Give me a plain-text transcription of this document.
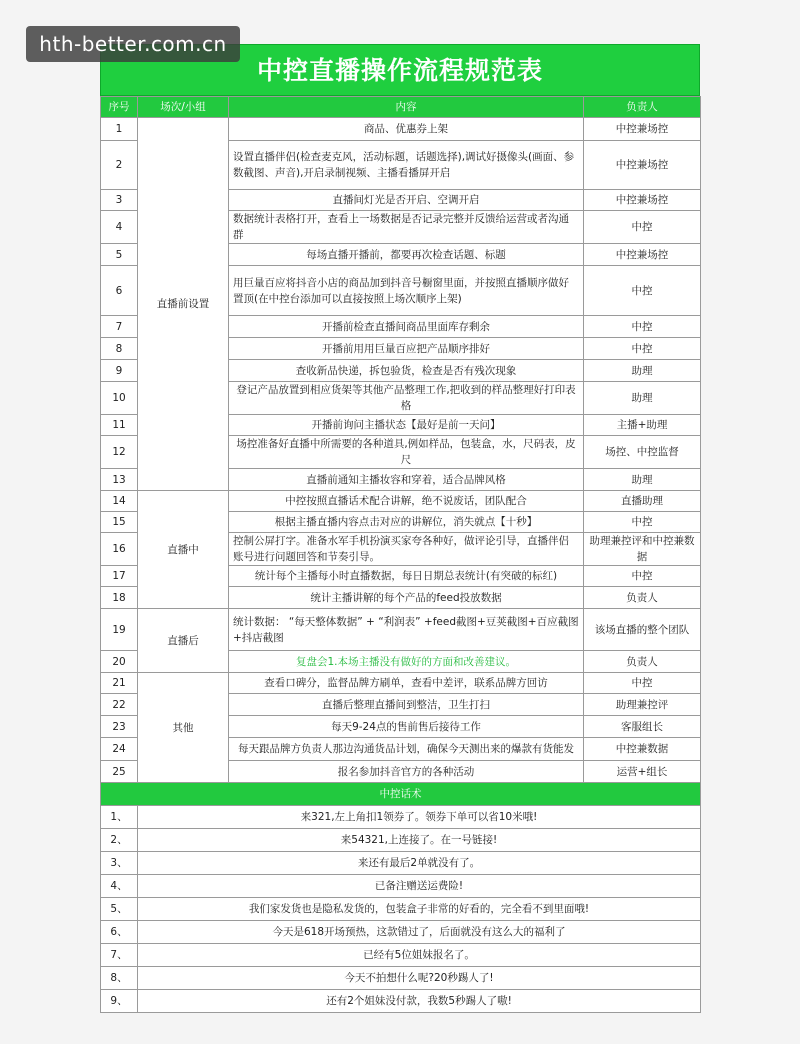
hth-better.com.cn
中控直播操作流程规范表
序号	场次/小组	内容	负责人
1	直播前设置	商品、优惠券上架	中控兼场控
2		设置直播伴侣(检查麦克风，活动标题，话题选择),调试好摄像头(画面、参数截图、声音),开启录制视频、主播看播屏开启	中控兼场控
3		直播间灯光是否开启、空调开启	中控兼场控
4		数据统计表格打开，查看上一场数据是否记录完整并反馈给运营或者沟通群	中控
5		每场直播开播前，都要再次检查话题、标题	中控兼场控
6		用巨量百应将抖音小店的商品加到抖音号橱窗里面，并按照直播顺序做好置顶(在中控台添加可以直接按照上场次顺序上架)	中控
7		开播前检查直播间商品里面库存剩余	中控
8		开播前用用巨量百应把产品顺序排好	中控
9		查收新品快递，拆包验货，检查是否有残次现象	助理
10		登记产品放置到相应货架等其他产品整理工作,把收到的样品整理好打印表格	助理
11		开播前询问主播状态【最好是前一天问】	主播+助理
12		场控准备好直播中所需要的各种道具,例如样品，包装盒，水，尺码表，皮尺	场控、中控监督
13		直播前通知主播妆容和穿着，适合品牌风格	助理
14	直播中	中控按照直播话术配合讲解，绝不说废话，团队配合	直播助理
15		根据主播直播内容点击对应的讲解位，消失就点【十秒】	中控
16		控制公屏打字。准备水军手机扮演买家夸各种好，做评论引导，直播伴侣账号进行问题回答和节奏引导。	助理兼控评和中控兼数据
17		统计每个主播每小时直播数据，每日日期总表统计(有突破的标红)	中控
18		统计主播讲解的每个产品的feed投放数据	负责人
19	直播后	统计数据： “每天整体数据” + “利润表” +feed截图+豆荚截图+百应截图+抖店截图	该场直播的整个团队
20		复盘会1.本场主播没有做好的方面和改善建议。	负责人
21	其他	查看口碑分，监督品牌方刷单，查看中差评，联系品牌方回访	中控
22		直播后整理直播间到整洁，卫生打扫	助理兼控评
23		每天9-24点的售前售后接待工作	客服组长
24		每天跟品牌方负责人那边沟通货品计划，确保今天测出来的爆款有货能发	中控兼数据
25		报名参加抖音官方的各种活动	运营+组长
中控话术			
1、	来321,左上角扣1领券了。领券下单可以省10米哦!		
2、	来54321,上连接了。在一号链接!		
3、	来还有最后2单就没有了。		
4、	已备注赠送运费险!		
5、	我们家发货也是隐私发货的，包装盒子非常的好看的，完全看不到里面哦!		
6、	今天是618开场预热，这款错过了，后面就没有这么大的福利了		
7、	已经有5位姐妹报名了。		
8、	今天不拍想什么呢?20秒踢人了!		
9、	还有2个姐妹没付款，我数5秒踢人了嗷!		
